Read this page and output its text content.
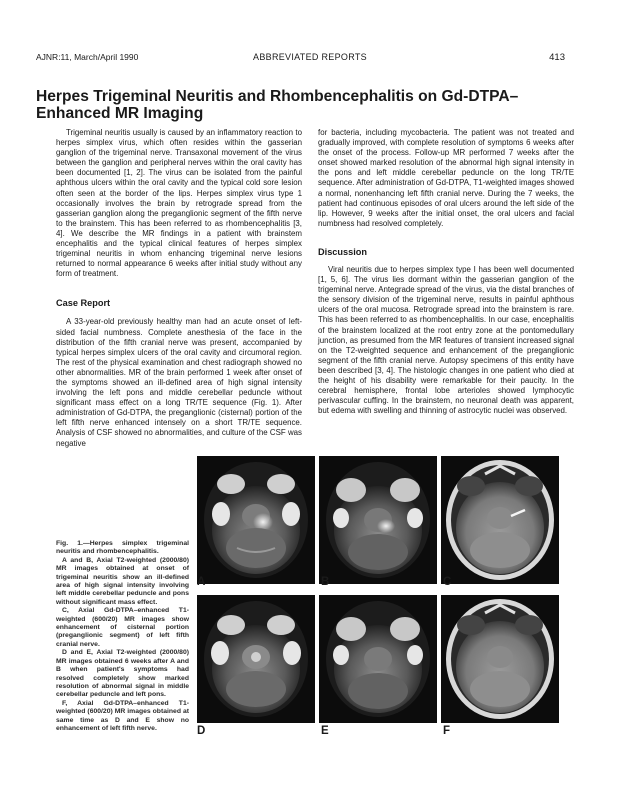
AJNR:11, March/April 1990	ABBREVIATED REPORTS	413
Herpes Trigeminal Neuritis and Rhombencephalitis on Gd-DTPA–Enhanced MR Imaging

Trigeminal neuritis usually is caused by an inflammatory reaction to herpes simplex virus, which often resides within the gasserian ganglion of the trigeminal nerve. Transaxonal movement of the virus between the ganglion and peripheral nerves within the oral cavity has been documented [1, 2]. The virus can be isolated from the painful aphthous ulcers within the oral cavity and the typical cold sore lesion often seen at the border of the lips. Herpes simplex virus type 1 occasionally involves the brain by retrograde spread from the gasserian ganglion along the preganglionic segment of the fifth nerve to the brainstem. This has been referred to as rhombencephalitis [3, 4]. We describe the MR findings in a patient with brainstem encephalitis and the typical clinical features of herpes simplex trigeminal neuritis in whom enhancing trigeminal nerve lesions returned to normal appearance 6 weeks after initial study without any form of treatment.

Case Report

A 33-year-old previously healthy man had an acute onset of left-sided facial numbness. Complete anesthesia of the face in the distribution of the fifth cranial nerve was present, accompanied by typical herpes simplex ulcers of the oral cavity and circumoral region. The rest of the physical examination and chest radiograph showed no other abnormalities. MR of the brain performed 1 week after onset of the symptoms showed an ill-defined area of high signal intensity involving the left pons and middle cerebellar peduncle without significant mass effect on a long TR/TE sequence (Fig. 1). After administration of Gd-DTPA, the preganglionic (cisternal) portion of the left fifth nerve enhanced intensely on a short TR/TE sequence. Analysis of CSF showed no abnormalities, and culture of the CSF was negative

for bacteria, including mycobacteria. The patient was not treated and gradually improved, with complete resolution of symptoms 6 weeks after the onset of the process. Follow-up MR performed 7 weeks after the onset showed marked resolution of the abnormal high signal intensity in the pons and left middle cerebellar peduncle on the long TR/TE sequence. After administration of Gd-DTPA, T1-weighted images showed a normal, nonenhancing left fifth cranial nerve. During the 7 weeks, the patient had continuous episodes of oral ulcers around the left side of the lip. However, 9 weeks after the initial onset, the oral ulcers and facial numbness had resolved completely.

Discussion

Viral neuritis due to herpes simplex type I has been well documented [1, 5, 6]. The virus lies dormant within the gasserian ganglion of the trigeminal nerve. Antegrade spread of the virus, via the distal branches of the sensory division of the trigeminal nerve, results in painful aphthous ulcers of the oral mucosa. Retrograde spread into the brainstem is rare. This has been referred to as rhombencephalitis. In our case, encephalitis of the brainstem localized at the root entry zone at the pontomedullary junction, as presumed from the MR features of transient increased signal on the T2-weighted sequence and enhancement of the preganglionic segment of the fifth cranial nerve. Autopsy specimens of this entity have been described [3, 4]. The histologic changes in one patient who died at the height of his disability were remarkable for their paucity. In the cerebral hemisphere, frontal lobe arterioles showed lymphocytic perivascular cuffing. In the brainstem, no neuronal death was apparent, but edema with swelling and thinning of astrocytic nuclei was observed.

Fig. 1.—Herpes simplex trigeminal neuritis and rhombencephalitis.

A and B, Axial T2-weighted (2000/80) MR images obtained at onset of trigeminal neuritis show an ill-defined area of high signal intensity involving left middle cerebellar peduncle and pons without significant mass effect.

C, Axial Gd-DTPA–enhanced T1-weighted (600/20) MR images show enhancement of cisternal portion (preganglionic segment) of left fifth cranial nerve.

D and E, Axial T2-weighted (2000/80) MR images obtained 6 weeks after A and B when patient's symptoms had resolved completely show marked resolution of abnormal signal in middle cerebellar peduncle and left pons.

F, Axial Gd-DTPA–enhanced T1-weighted (600/20) MR images obtained at same time as D and E show no enhancement of left fifth nerve.

A	B	C
D	E	F
